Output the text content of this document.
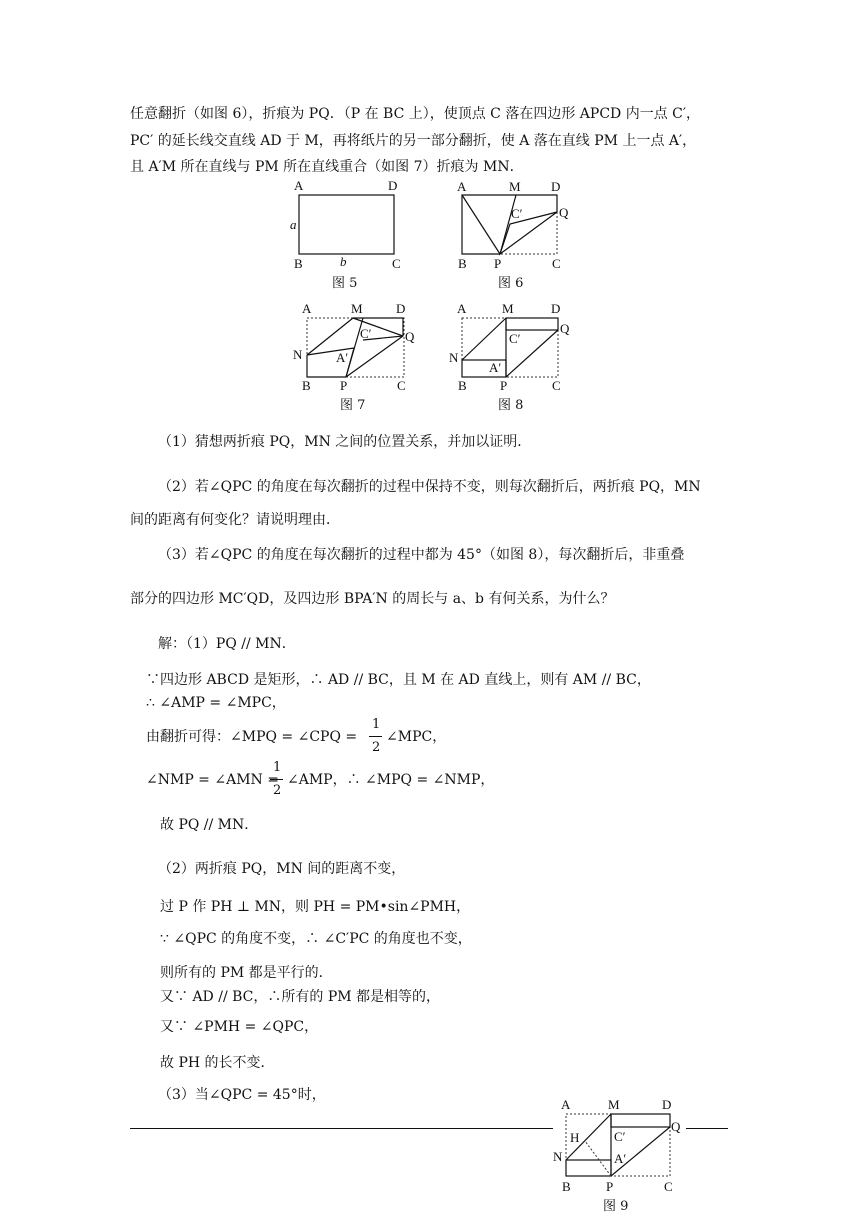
任意翻折（如图 6），折痕为 PQ．（P 在 BC 上），使顶点 C 落在四边形 APCD 内一点 C′，
PC′ 的延长线交直线 AD 于 M，再将纸片的另一部分翻折，使 A 落在直线 PM 上一点 A′，
且 A′M 所在直线与 PM 所在直线重合（如图 7）折痕为 MN．
（1）猜想两折痕 PQ，MN 之间的位置关系，并加以证明．
（2）若∠QPC 的角度在每次翻折的过程中保持不变，则每次翻折后，两折痕 PQ，MN
间的距离有何变化？请说明理由．
（3）若∠QPC 的角度在每次翻折的过程中都为 45°（如图 8），每次翻折后，非重叠
部分的四边形 MC′QD，及四边形 BPA′N 的周长与 a、b 有何关系，为什么？
解：（1）PQ // MN．
∵四边形 ABCD 是矩形，∴ AD // BC，且 M 在 AD 直线上，则有 AM // BC，
∴ ∠AMP = ∠MPC，
由翻折可得：∠MPQ = ∠CPQ =
1
2
∠MPC，
∠NMP = ∠AMN =
1
2
∠AMP，∴ ∠MPQ = ∠NMP，
故 PQ // MN．
（2）两折痕 PQ，MN 间的距离不变，
过 P 作 PH ⊥ MN，则 PH = PM•sin∠PMH，
∵ ∠QPC 的角度不变，∴ ∠C′PC 的角度也不变，
则所有的 PM 都是平行的．
又∵ AD // BC，∴所有的 PM 都是相等的，
又∵ ∠PMH = ∠QPC，
故 PH 的长不变．
（3）当∠QPC = 45°时，
A	D
B	C
a
b
图 5
A	M D
C′	Q
B P	C
图 6
A	M	D
C′	Q
N	A′
B P	C
图 7
A	M	D
C′
Q
N
A′
B	P	C
图 8
A	M	D
H	C′
Q
N	A′
B	P	C
图 9
